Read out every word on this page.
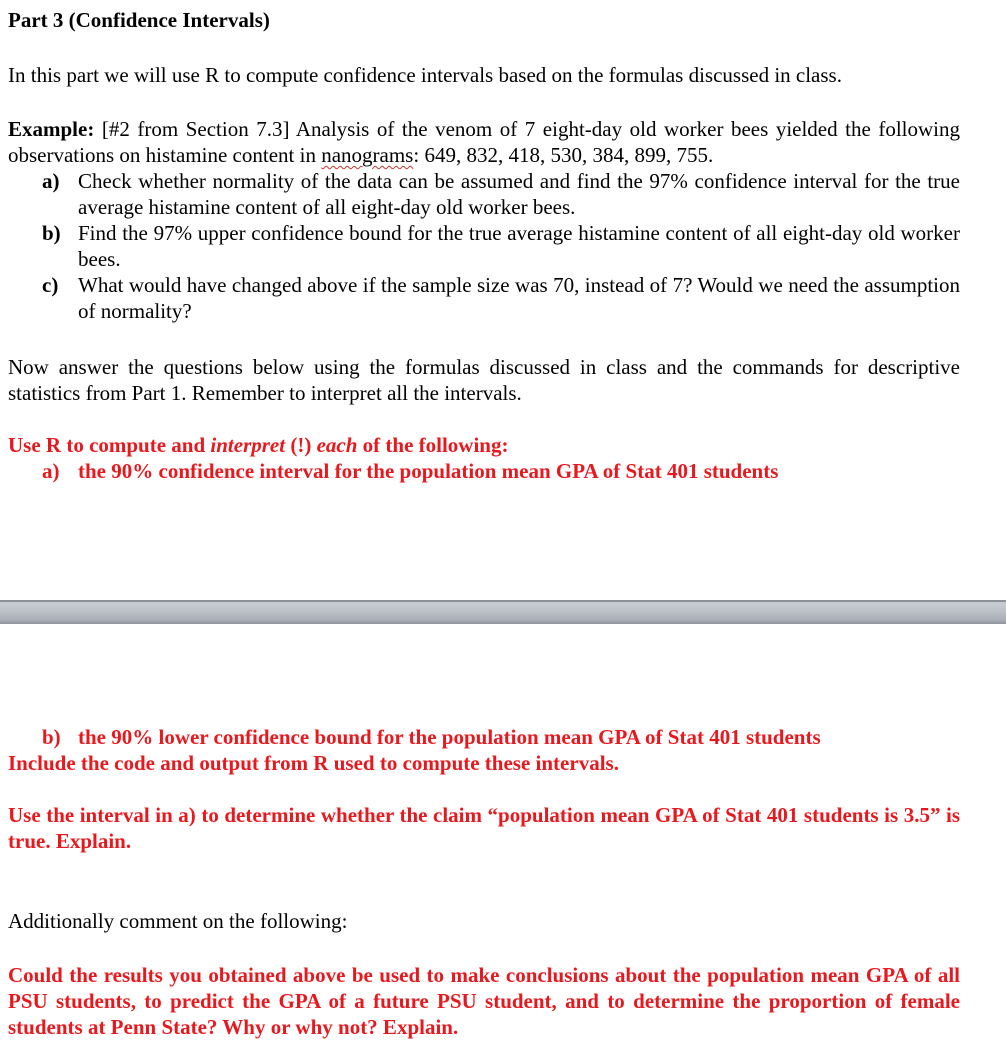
Part 3 (Confidence Intervals)

In this part we will use R to compute confidence intervals based on the formulas discussed in class.

Example: [#2 from Section 7.3] Analysis of the venom of 7 eight-day old worker bees yielded the following observations on histamine content in nanograms: 649, 832, 418, 530, 384, 899, 755.

a) Check whether normality of the data can be assumed and find the 97% confidence interval for the true average histamine content of all eight-day old worker bees.
b) Find the 97% upper confidence bound for the true average histamine content of all eight-day old worker bees.
c) What would have changed above if the sample size was 70, instead of 7? Would we need the assumption of normality?

Now answer the questions below using the formulas discussed in class and the commands for descriptive statistics from Part 1. Remember to interpret all the intervals.

Use R to compute and interpret (!) each of the following:
a) the 90% confidence interval for the population mean GPA of Stat 401 students
b) the 90% lower confidence bound for the population mean GPA of Stat 401 students
Include the code and output from R used to compute these intervals.

Use the interval in a) to determine whether the claim “population mean GPA of Stat 401 students is 3.5” is true. Explain.

Additionally comment on the following:

Could the results you obtained above be used to make conclusions about the population mean GPA of all PSU students, to predict the GPA of a future PSU student, and to determine the proportion of female students at Penn State? Why or why not? Explain.
